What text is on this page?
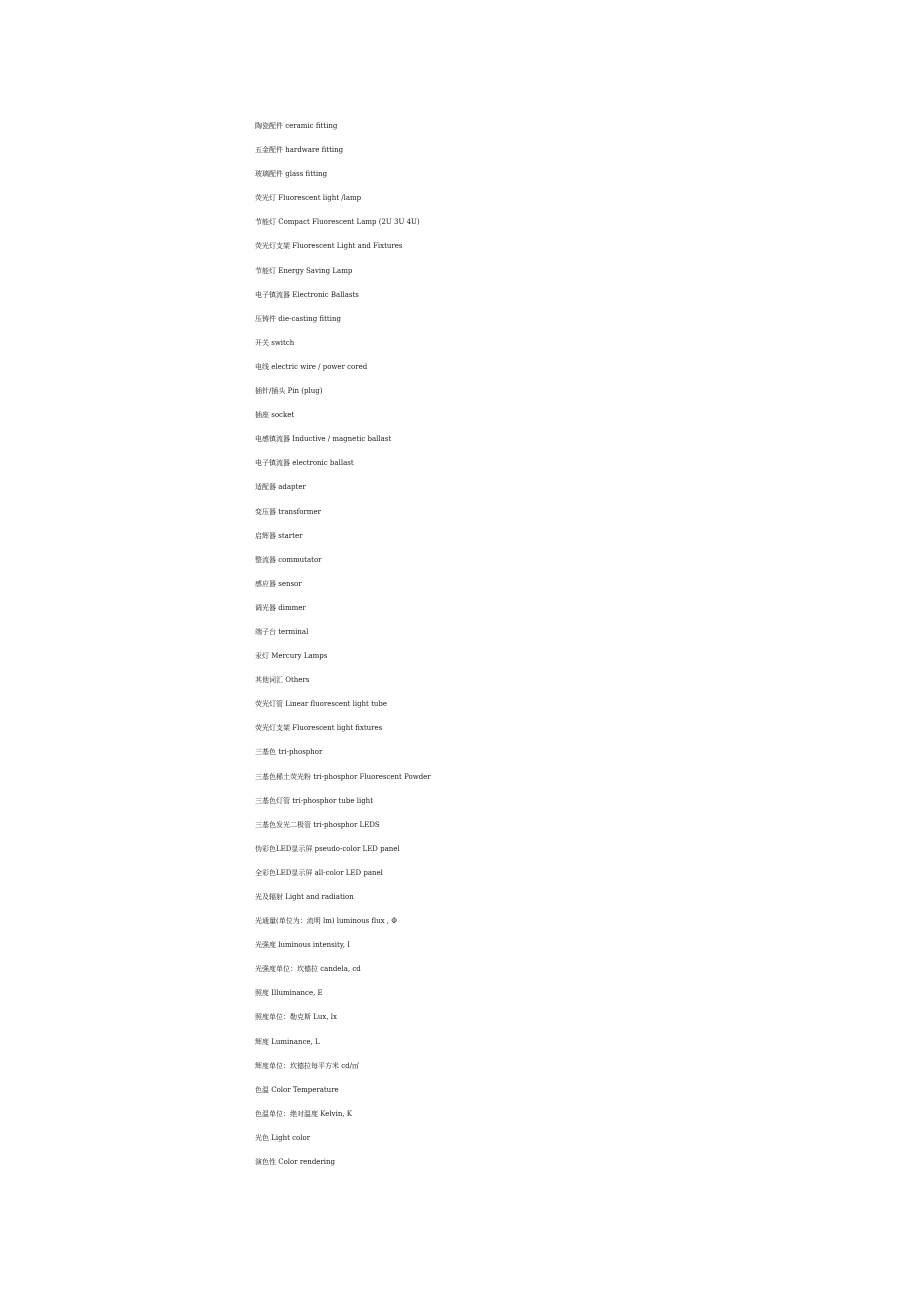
陶瓷配件 ceramic fitting

五金配件 hardware fitting

玻璃配件 glass fitting

荧光灯 Fluorescent light /lamp

节能灯 Compact Fluorescent Lamp (2U 3U 4U)

荧光灯支架 Fluorescent Light and Fixtures

节能灯 Energy Saving Lamp

电子镇流器 Electronic Ballasts

压铸件 die-casting fitting

开关 switch

电线 electric wire / power cored

插针/插头 Pin (plug)

插座 socket

电感镇流器 Inductive / magnetic ballast

电子镇流器 electronic ballast

适配器 adapter

变压器 transformer

启辉器 starter

整流器 commutator

感应器 sensor

调光器 dimmer

端子台 terminal

汞灯 Mercury Lamps

其他词汇 Others

荧光灯管 Linear fluorescent light tube

荧光灯支架 Fluorescent light fixtures

三基色 tri-phosphor

三基色稀土荧光粉 tri-phosphor Fluorescent Powder

三基色灯管 tri-phosphor tube light

三基色发光二极管 tri-phosphor LEDS

伪彩色LED显示屏 pseudo-color LED panel

全彩色LED显示屏 all-color LED panel

光及辐射 Light and radiation

光通量(单位为：流明 lm) luminous flux , Φ

光强度 luminous intensity, I

光强度单位：坎德拉 candela, cd

照度 Illuminance, E

照度单位：勒克斯 Lux, lx

辉度 Luminance, L

辉度单位：坎德拉每平方米 cd/㎡

色温 Color Temperature

色温单位：绝对温度 Kelvin, K

光色 Light color

演色性 Color rendering
